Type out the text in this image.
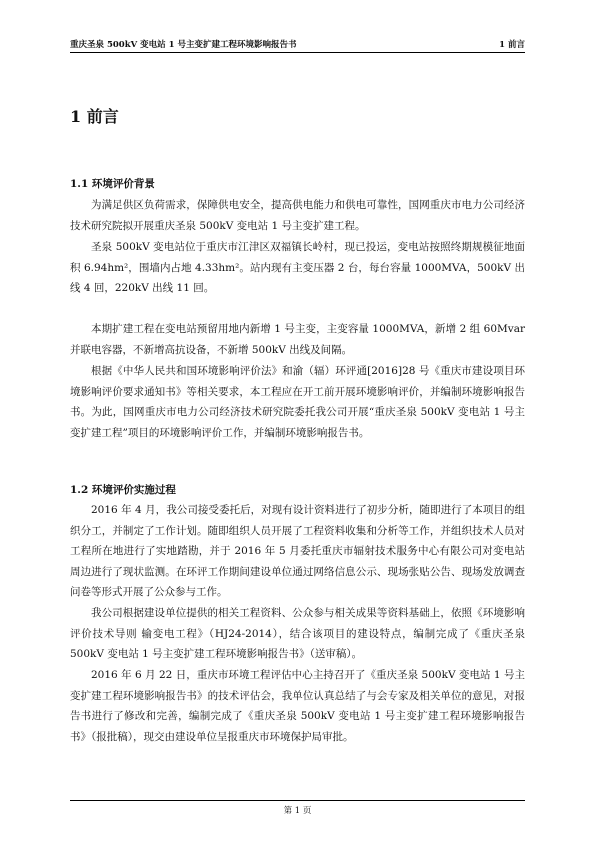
重庆圣泉 500kV 变电站 1 号主变扩建工程环境影响报告书	1 前言
1 前言
1.1 环境评价背景

为满足供区负荷需求，保障供电安全，提高供电能力和供电可靠性，国网重庆市电力公司经济技术研究院拟开展重庆圣泉 500kV 变电站 1 号主变扩建工程。

圣泉 500kV 变电站位于重庆市江津区双福镇长岭村，现已投运，变电站按照终期规模征地面积 6.94hm²，围墙内占地 4.33hm²。站内现有主变压器 2 台，每台容量 1000MVA，500kV 出线 4 回，220kV 出线 11 回。

本期扩建工程在变电站预留用地内新增 1 号主变，主变容量 1000MVA，新增 2 组 60Mvar 并联电容器，不新增高抗设备，不新增 500kV 出线及间隔。

根据《中华人民共和国环境影响评价法》和渝（辐）环评通[2016]28 号《重庆市建设项目环境影响评价要求通知书》等相关要求，本工程应在开工前开展环境影响评价，并编制环境影响报告书。为此，国网重庆市电力公司经济技术研究院委托我公司开展“重庆圣泉 500kV 变电站 1 号主变扩建工程”项目的环境影响评价工作，并编制环境影响报告书。

1.2 环境评价实施过程

2016 年 4 月，我公司接受委托后，对现有设计资料进行了初步分析，随即进行了本项目的组织分工，并制定了工作计划。随即组织人员开展了工程资料收集和分析等工作，并组织技术人员对工程所在地进行了实地踏勘，并于 2016 年 5 月委托重庆市辐射技术服务中心有限公司对变电站周边进行了现状监测。在环评工作期间建设单位通过网络信息公示、现场张贴公告、现场发放调查问卷等形式开展了公众参与工作。

我公司根据建设单位提供的相关工程资料、公众参与相关成果等资料基础上，依照《环境影响评价技术导则 输变电工程》（HJ24-2014），结合该项目的建设特点，编制完成了《重庆圣泉 500kV 变电站 1 号主变扩建工程环境影响报告书》（送审稿）。

2016 年 6 月 22 日，重庆市环境工程评估中心主持召开了《重庆圣泉 500kV 变电站 1 号主变扩建工程环境影响报告书》的技术评估会，我单位认真总结了与会专家及相关单位的意见，对报告书进行了修改和完善，编制完成了《重庆圣泉 500kV 变电站 1 号主变扩建工程环境影响报告书》（报批稿），现交由建设单位呈报重庆市环境保护局审批。

第 1 页
